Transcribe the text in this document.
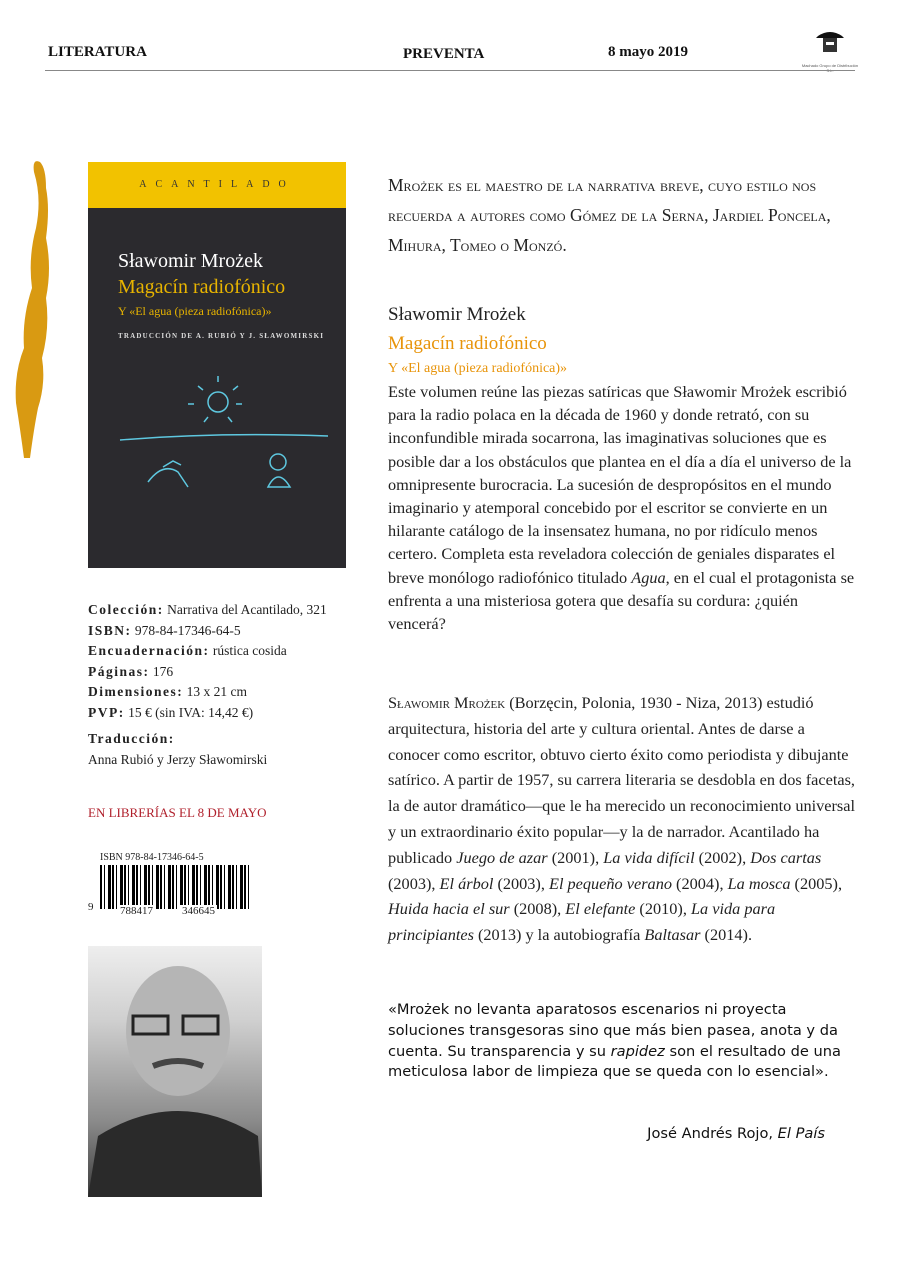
LITERATURA	PREVENTA	8 mayo 2019
Machado Grupo de Distribución
ACANTILADO
Sławomir Mrożek
Magacín radiofónico
Y «El agua (pieza radiofónica)»
TRADUCCIÓN DE A. RUBIÓ Y J. SŁAWOMIRSKI
Colección: Narrativa del Acantilado, 321
ISBN: 978-84-17346-64-5
Encuadernación: rústica cosida
Páginas: 176
Dimensiones: 13 x 21 cm
PVP: 15 € (sin IVA: 14,42 €)
Traducción:
Anna Rubió y Jerzy Sławomirski
EN LIBRERÍAS EL 8 DE MAYO
ISBN 978-84-17346-64-5
9 788417	346645
Mrożek es el maestro de la narrativa breve, cuyo estilo nos recuerda a autores como Gómez de la Serna, Jardiel Poncela, Mihura, Tomeo o Monzó.
Sławomir Mrożek
Magacín radiofónico
Y «El agua (pieza radiofónica)»

Este volumen reúne las piezas satíricas que Sławomir Mrożek escribió para la radio polaca en la década de 1960 y donde retrató, con su inconfundible mirada socarrona, las imaginativas soluciones que es posible dar a los obstáculos que plantea en el día a día el universo de la omnipresente burocracia. La sucesión de despropósitos en el mundo imaginario y atemporal concebido por el escritor se convierte en un hilarante catálogo de la insensatez humana, no por ridículo menos certero. Completa esta reveladora colección de geniales disparates el breve monólogo radiofónico titulado Agua, en el cual el protagonista se enfrenta a una misteriosa gotera que desafía su cordura: ¿quién vencerá?

Sławomir Mrożek (Borzęcin, Polonia, 1930 - Niza, 2013) estudió arquitectura, historia del arte y cultura oriental. Antes de darse a conocer como escritor, obtuvo cierto éxito como periodista y dibujante satírico. A partir de 1957, su carrera literaria se desdobla en dos facetas, la de autor dramático—que le ha merecido un reconocimiento universal y un extraordinario éxito popular—y la de narrador. Acantilado ha publicado Juego de azar (2001), La vida difícil (2002), Dos cartas (2003), El árbol (2003), El pequeño verano (2004), La mosca (2005), Huida hacia el sur (2008), El elefante (2010), La vida para principiantes (2013) y la autobiografía Baltasar (2014).

«Mrożek no levanta aparatosos escenarios ni proyecta soluciones transgesoras sino que más bien pasea, anota y da cuenta. Su transparencia y su rapidez son el resultado de una meticulosa labor de limpieza que se queda con lo esencial».

José Andrés Rojo, El País
